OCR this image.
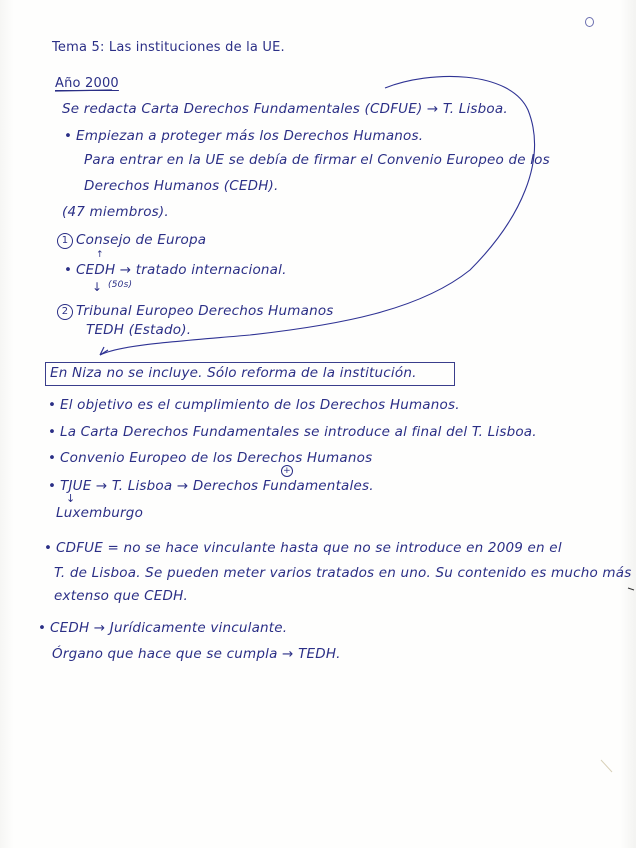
Tema 5: Las instituciones de la UE.
Año 2000
Se redacta Carta Derechos Fundamentales (CDFUE) → T. Lisboa.
• Empiezan a proteger más los Derechos Humanos.
Para entrar en la UE se debía de firmar el Convenio Europeo de los
Derechos Humanos (CEDH).
(47 miembros).
1 Consejo de Europa
↑
• CEDH → tratado internacional.
↓ (50s)
2 Tribunal Europeo Derechos Humanos
TEDH (Estado).
En Niza no se incluye. Sólo reforma de la institución.
• El objetivo es el cumplimiento de los Derechos Humanos.
• La Carta Derechos Fundamentales se introduce al final del T. Lisboa.
• Convenio Europeo de los Derechos Humanos
• TJUE → T. Lisboa → Derechos Fundamentales.
+
↓
Luxemburgo
• CDFUE = no se hace vinculante hasta que no se introduce en 2009 en el
T. de Lisboa. Se pueden meter varios tratados en uno. Su contenido es mucho más
extenso que CEDH.
• CEDH → Jurídicamente vinculante.
Órgano que hace que se cumpla → TEDH.
